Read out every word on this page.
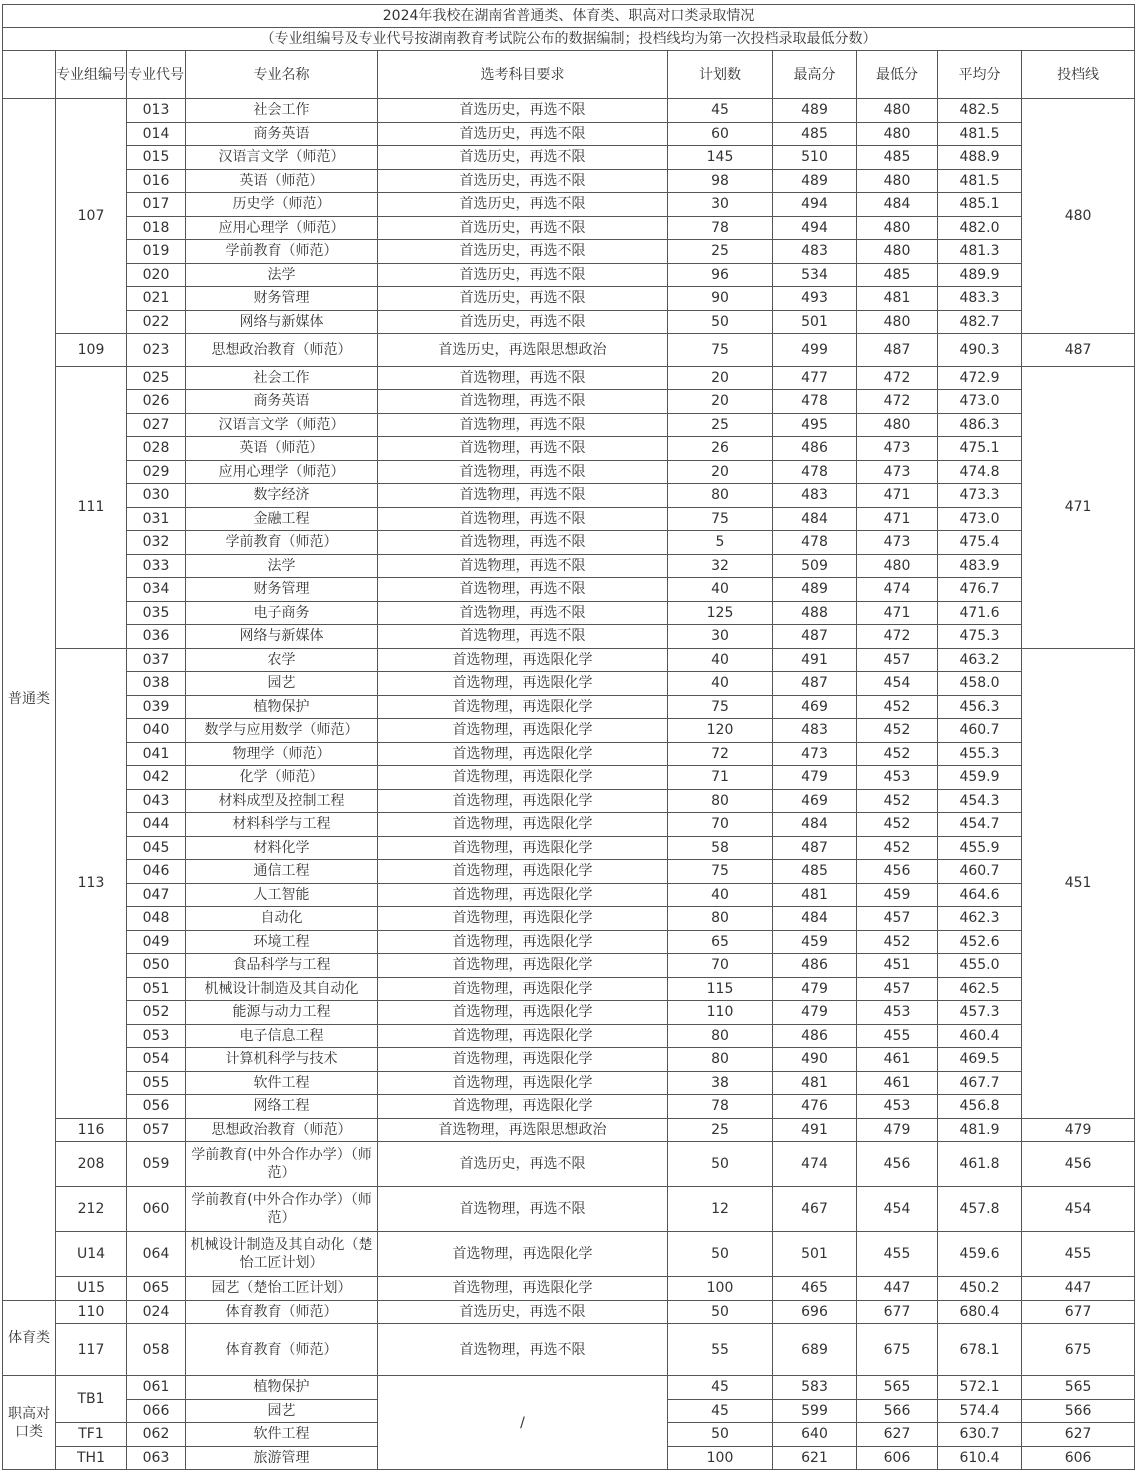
2024年我校在湖南省普通类、体育类、职高对口类录取情况									
（专业组编号及专业代号按湖南教育考试院公布的数据编制；投档线均为第一次投档录取最低分数）									
	专业组编号	专业代号	专业名称	选考科目要求	计划数	最高分	最低分	平均分	投档线
普通类	107	013	社会工作	首选历史，再选不限	45	489	480	482.5	480
		014	商务英语	首选历史，再选不限	60	485	480	481.5	
		015	汉语言文学（师范）	首选历史，再选不限	145	510	485	488.9	
		016	英语（师范）	首选历史，再选不限	98	489	480	481.5	
		017	历史学（师范）	首选历史，再选不限	30	494	484	485.1	
		018	应用心理学（师范）	首选历史，再选不限	78	494	480	482.0	
		019	学前教育（师范）	首选历史，再选不限	25	483	480	481.3	
		020	法学	首选历史，再选不限	96	534	485	489.9	
		021	财务管理	首选历史，再选不限	90	493	481	483.3	
		022	网络与新媒体	首选历史，再选不限	50	501	480	482.7	
	109	023	思想政治教育（师范）	首选历史，再选限思想政治	75	499	487	490.3	487
	111	025	社会工作	首选物理，再选不限	20	477	472	472.9	471
		026	商务英语	首选物理，再选不限	20	478	472	473.0	
		027	汉语言文学（师范）	首选物理，再选不限	25	495	480	486.3	
		028	英语（师范）	首选物理，再选不限	26	486	473	475.1	
		029	应用心理学（师范）	首选物理，再选不限	20	478	473	474.8	
		030	数字经济	首选物理，再选不限	80	483	471	473.3	
		031	金融工程	首选物理，再选不限	75	484	471	473.0	
		032	学前教育（师范）	首选物理，再选不限	5	478	473	475.4	
		033	法学	首选物理，再选不限	32	509	480	483.9	
		034	财务管理	首选物理，再选不限	40	489	474	476.7	
		035	电子商务	首选物理，再选不限	125	488	471	471.6	
		036	网络与新媒体	首选物理，再选不限	30	487	472	475.3	
	113	037	农学	首选物理，再选限化学	40	491	457	463.2	451
		038	园艺	首选物理，再选限化学	40	487	454	458.0	
		039	植物保护	首选物理，再选限化学	75	469	452	456.3	
		040	数学与应用数学（师范）	首选物理，再选限化学	120	483	452	460.7	
		041	物理学（师范）	首选物理，再选限化学	72	473	452	455.3	
		042	化学（师范）	首选物理，再选限化学	71	479	453	459.9	
		043	材料成型及控制工程	首选物理，再选限化学	80	469	452	454.3	
		044	材料科学与工程	首选物理，再选限化学	70	484	452	454.7	
		045	材料化学	首选物理，再选限化学	58	487	452	455.9	
		046	通信工程	首选物理，再选限化学	75	485	456	460.7	
		047	人工智能	首选物理，再选限化学	40	481	459	464.6	
		048	自动化	首选物理，再选限化学	80	484	457	462.3	
		049	环境工程	首选物理，再选限化学	65	459	452	452.6	
		050	食品科学与工程	首选物理，再选限化学	70	486	451	455.0	
		051	机械设计制造及其自动化	首选物理，再选限化学	115	479	457	462.5	
		052	能源与动力工程	首选物理，再选限化学	110	479	453	457.3	
		053	电子信息工程	首选物理，再选限化学	80	486	455	460.4	
		054	计算机科学与技术	首选物理，再选限化学	80	490	461	469.5	
		055	软件工程	首选物理，再选限化学	38	481	461	467.7	
		056	网络工程	首选物理，再选限化学	78	476	453	456.8	
	116	057	思想政治教育（师范）	首选物理，再选限思想政治	25	491	479	481.9	479
	208	059	学前教育(中外合作办学）（师范）	首选历史，再选不限	50	474	456	461.8	456
	212	060	学前教育(中外合作办学）（师范）	首选物理，再选不限	12	467	454	457.8	454
	U14	064	机械设计制造及其自动化（楚怡工匠计划）	首选物理，再选限化学	50	501	455	459.6	455
	U15	065	园艺（楚怡工匠计划）	首选物理，再选限化学	100	465	447	450.2	447
体育类	110	024	体育教育（师范）	首选历史，再选不限	50	696	677	680.4	677
	117	058	体育教育（师范）	首选物理，再选不限	55	689	675	678.1	675
职高对口类	TB1	061	植物保护	/	45	583	565	572.1	565
		066	园艺		45	599	566	574.4	566
	TF1	062	软件工程		50	640	627	630.7	627
	TH1	063	旅游管理		100	621	606	610.4	606
